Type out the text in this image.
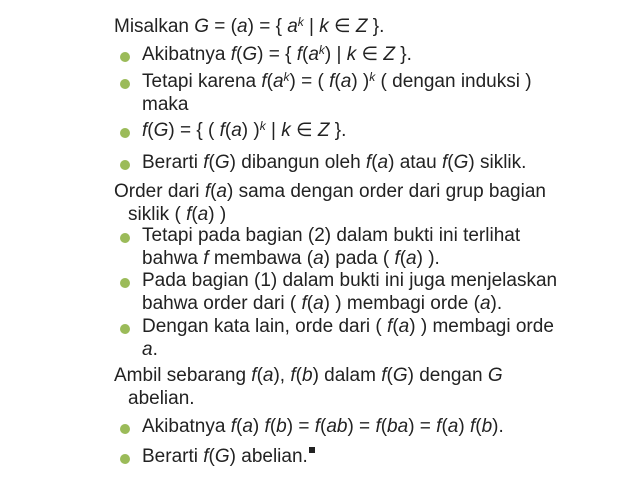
Misalkan G = (a) = { $a^k$ | k ∈ Z }.
Akibatnya f(G) = { $f(a^k)$ | k ∈ Z }.
Tetapi karena $f(a^k)$ = ( f(a) )$^k$ ( dengan induksi )
maka
f(G) = { ( f(a) )$^k$ | k ∈ Z }.
Berarti f(G) dibangun oleh f(a) atau f(G) siklik.
Order dari f(a) sama dengan order dari grup bagian
siklik ( f(a) )
Tetapi pada bagian (2) dalam bukti ini terlihat
bahwa f membawa (a) pada ( f(a) ).
Pada bagian (1) dalam bukti ini juga menjelaskan
bahwa order dari ( f(a) ) membagi orde (a).
Dengan kata lain, orde dari ( f(a) ) membagi orde
a.
Ambil sebarang f(a), f(b) dalam f(G) dengan G
abelian.
Akibatnya f(a) f(b) = f(ab) = f(ba) = f(a) f(b).
Berarti f(G) abelian.
